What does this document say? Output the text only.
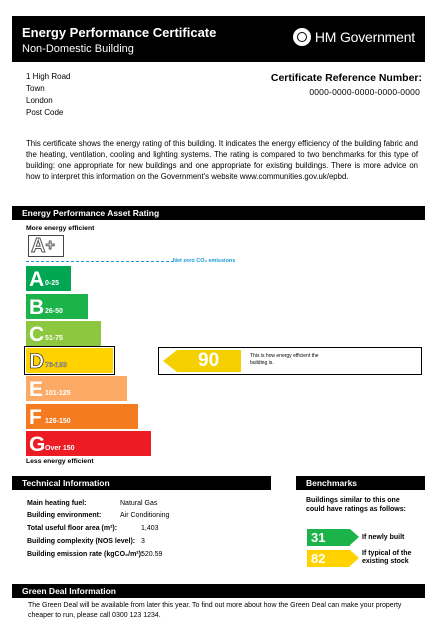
Energy Performance Certificate
Non-Domestic Building
HM Government
1 High Road
Town
London
Post Code
Certificate Reference Number:
0000-0000-0000-0000-0000
This certificate shows the energy rating of this building. It indicates the energy efficiency of the building fabric and the heating, ventilation, cooling and lighting systems. The rating is compared to two benchmarks for this type of building: one appropriate for new buildings and one appropriate for existing buildings. There is more advice on how to interpret this information on the Government's website www.communities.gov.uk/epbd.
Energy Performance Asset Rating
More energy efficient
A +
Net zero CO₂ emissions
A 0-25
B 26-50
C 51-75
D 76-100
E 101-125
F 126-150
G Over 150
Less energy efficient
90	This is how energy efficient the building is.
Technical Information
Main heating fuel:	Natural Gas
Building environment:	Air Conditioning
Total useful floor area (m²):	1,403
Building complexity (NOS level): 3
Building emission rate (kgCO₂/m²):
520.59
Benchmarks
Buildings similar to this one could have ratings as follows:
31	If newly built
82	If typical of the existing stock
Green Deal Information
The Green Deal will be available from later this year. To find out more about how the Green Deal can make your property cheaper to run, please call 0300 123 1234.
